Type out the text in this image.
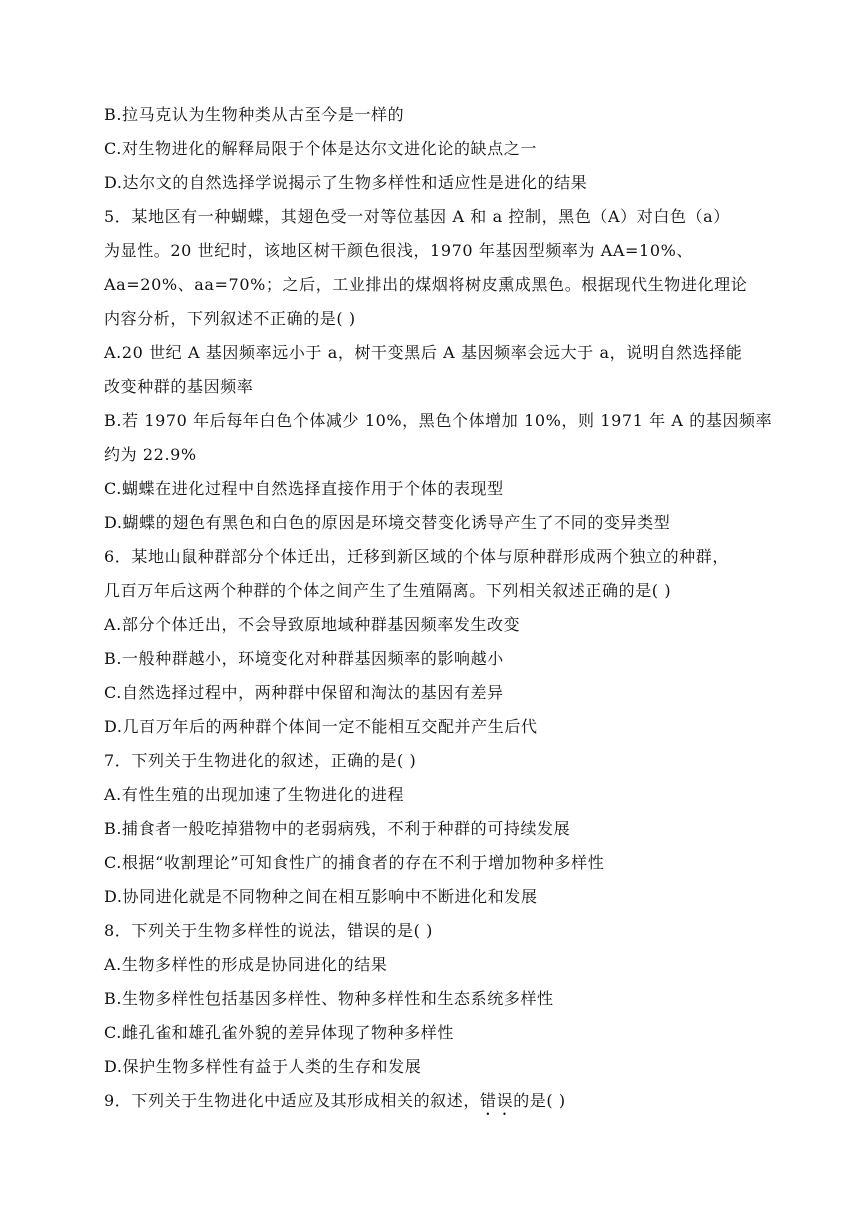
B.拉马克认为生物种类从古至今是一样的
C.对生物进化的解释局限于个体是达尔文进化论的缺点之一
D.达尔文的自然选择学说揭示了生物多样性和适应性是进化的结果
5．某地区有一种蝴蝶，其翅色受一对等位基因 A 和 a 控制，黑色（A）对白色（a）
为显性。20 世纪时，该地区树干颜色很浅，1970 年基因型频率为 AA=10%、
Aa=20%、aa=70%；之后，工业排出的煤烟将树皮熏成黑色。根据现代生物进化理论
内容分析，下列叙述不正确的是( )
A.20 世纪 A 基因频率远小于 a，树干变黑后 A 基因频率会远大于 a，说明自然选择能
改变种群的基因频率
B.若 1970 年后每年白色个体减少 10%，黑色个体增加 10%，则 1971 年 A 的基因频率
约为 22.9%
C.蝴蝶在进化过程中自然选择直接作用于个体的表现型
D.蝴蝶的翅色有黑色和白色的原因是环境交替变化诱导产生了不同的变异类型
6．某地山鼠种群部分个体迁出，迁移到新区域的个体与原种群形成两个独立的种群，
几百万年后这两个种群的个体之间产生了生殖隔离。下列相关叙述正确的是( )
A.部分个体迁出，不会导致原地域种群基因频率发生改变
B.一般种群越小，环境变化对种群基因频率的影响越小
C.自然选择过程中，两种群中保留和淘汰的基因有差异
D.几百万年后的两种群个体间一定不能相互交配并产生后代
7．下列关于生物进化的叙述，正确的是( )
A.有性生殖的出现加速了生物进化的进程
B.捕食者一般吃掉猎物中的老弱病残，不利于种群的可持续发展
C.根据“收割理论”可知食性广的捕食者的存在不利于增加物种多样性
D.协同进化就是不同物种之间在相互影响中不断进化和发展
8．下列关于生物多样性的说法，错误的是( )
A.生物多样性的形成是协同进化的结果
B.生物多样性包括基因多样性、物种多样性和生态系统多样性
C.雌孔雀和雄孔雀外貌的差异体现了物种多样性
D.保护生物多样性有益于人类的生存和发展
9．下列关于生物进化中适应及其形成相关的叙述，错误的是( )
